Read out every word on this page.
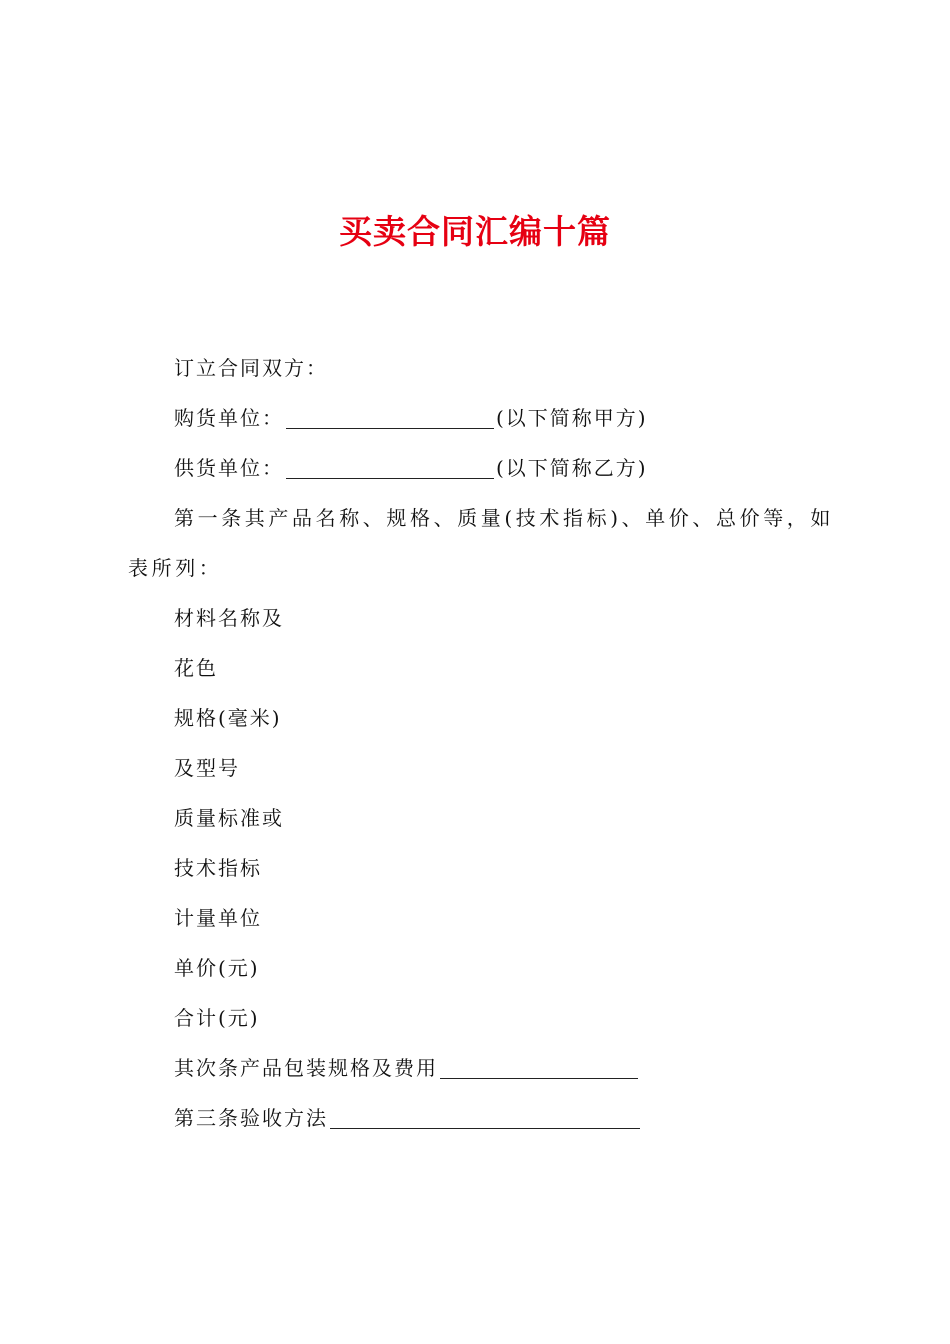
买卖合同汇编十篇

订立合同双方：

购货单位：	(以下简称甲方)

供货单位：	(以下简称乙方)

第一条其产品名称、规格、质量(技术指标)、单价、总价等，如表所列：

材料名称及

花色

规格(毫米)

及型号

质量标准或

技术指标

计量单位

单价(元)

合计(元)

其次条产品包装规格及费用

第三条验收方法
